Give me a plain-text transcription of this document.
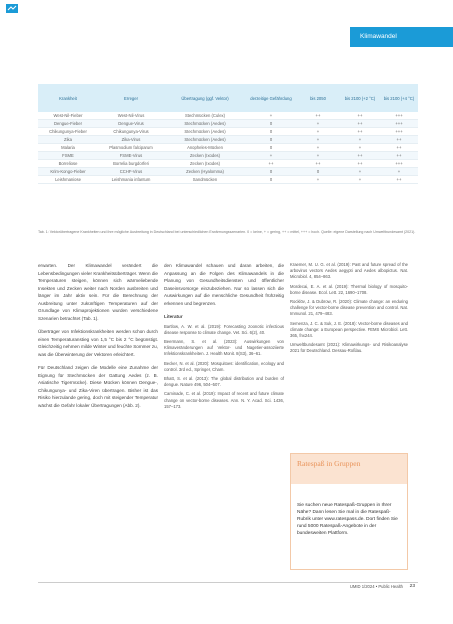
Klimawandel
Krankheit	Erreger	Übertragung (ggf. Vektor)	derzeitige Gefährdung	bis 2050	bis 2100 (+2 °C)	bis 2100 (+4 °C)
West-Nil-Fieber	West-Nil-Virus	Stechmücken (Culex)	+	++	++	+++
Dengue-Fieber	Dengue-Virus	Stechmücken (Aedes)	0	+	++	+++
Chikungunya-Fieber	Chikungunya-Virus	Stechmücken (Aedes)	0	+	++	+++
Zika	Zika-Virus	Stechmücken (Aedes)	0	+	+	++
Malaria	Plasmodium falciparum	Anopheles-Mücken	0	+	+	++
FSME	FSME-Virus	Zecken (Ixodes)	+	+	++	++
Borreliose	Borrelia burgdorferi	Zecken (Ixodes)	++	++	++	+++
Krim-Kongo-Fieber	CCHF-Virus	Zecken (Hyalomma)	0	0	+	+
Leishmaniose	Leishmania infantum	Sandmücken	0	+	+	++
Tab. 1: Vektorübertragene Krankheiten und ihre mögliche Ausbreitung in Deutschland bei unterschiedlichen Erwärmungsszenarien. 0 = keine, + = gering, ++ = mittel, +++ = hoch. Quelle: eigene Darstellung nach Umweltbundesamt (2021).

erwarten. Der Klimawandel verändert die Lebensbedingungen vieler Krankheitsüberträger. Wenn die Temperaturen steigen, können sich wärmeliebende Insekten und Zecken weiter nach Norden ausbreiten und länger im Jahr aktiv sein. Für die Berechnung der Ausbreitung unter zukünftigen Temperaturen auf der Grundlage von Klimaprojektionen wurden verschiedene Szenarien betrachtet (Tab. 1).

Überträger von Infektionskrankheiten werden schon durch einen Temperaturanstieg von 1,5 °C bis 2 °C begünstigt. Gleichzeitig nehmen milde Winter und feuchte Sommer zu, was die Überwinterung der Vektoren erleichtert.

Für Deutschland zeigen die Modelle eine Zunahme der Eignung für Stechmücken der Gattung Aedes (z. B. Asiatische Tigermücke). Diese Mücken können Dengue-, Chikungunya- und Zika-Viren übertragen. Bisher ist das Risiko hierzulande gering, doch mit steigender Temperatur wächst die Gefahr lokaler Übertragungen (Abb. 2).

den Klimawandel schauen und daran arbeiten, die Anpassung an die Folgen des Klimawandels in die Planung von Gesundheitsdiensten und öffentlicher Daseinsvorsorge einzubeziehen. Nur so lassen sich die Auswirkungen auf die menschliche Gesundheit frühzeitig erkennen und begrenzen.

Literatur

Bartlow, A. W. et al. (2019): Forecasting zoonotic infectious disease response to climate change. Vet. Sci. 6(2), 40.
Beermann, S. et al. (2023): Auswirkungen von Klimaveränderungen auf Vektor- und Nagetier-assoziierte Infektionskrankheiten. J. Health Monit. 8(S3), 36–61.
Becker, N. et al. (2020): Mosquitoes: identification, ecology and control. 3rd ed., Springer, Cham.
Bhatt, S. et al. (2013): The global distribution and burden of dengue. Nature 496, 504–507.
Caminade, C. et al. (2019): Impact of recent and future climate change on vector-borne diseases. Ann. N. Y. Acad. Sci. 1436, 157–173.
Kraemer, M. U. G. et al. (2019): Past and future spread of the arbovirus vectors Aedes aegypti and Aedes albopictus. Nat. Microbiol. 4, 854–863.
Mordecai, E. A. et al. (2019): Thermal biology of mosquito-borne disease. Ecol. Lett. 22, 1690–1708.
Rocklöv, J. & Dubrow, R. (2020): Climate change: an enduring challenge for vector-borne disease prevention and control. Nat. Immunol. 21, 479–483.
Semenza, J. C. & Suk, J. E. (2018): Vector-borne diseases and climate change: a European perspective. FEMS Microbiol. Lett. 365, fnx244.
Umweltbundesamt (2021): Klimawirkungs- und Risikoanalyse 2021 für Deutschland. Dessau-Roßlau.
Ratespaß in Gruppen
Sie suchen neue Ratespaß-Gruppen in Ihrer Nähe? Dann lesen Sie mal in die Ratespaß-Rubrik unter www.ratespass.de. Dort finden Sie rund 5000 Ratespaß-Angebote in der bundesweiten Plattform.
UMID 1/2024 • Public Health 23
